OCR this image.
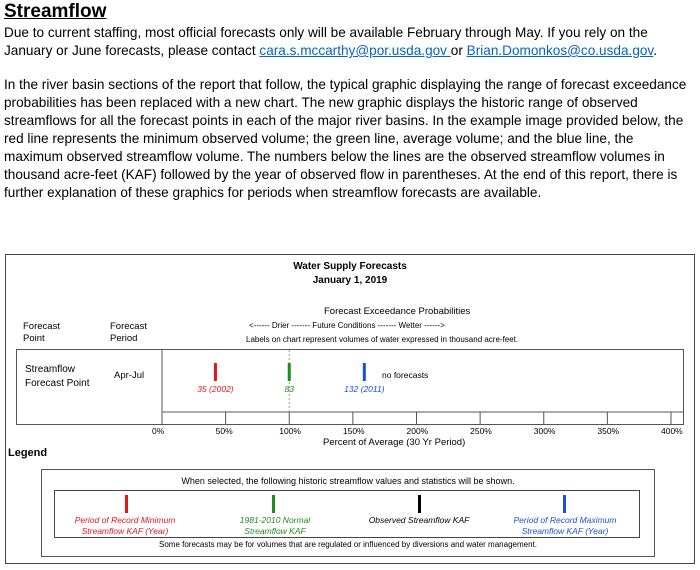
Streamflow

Due to current staffing, most official forecasts only will be available February through May. If you rely on the January or June forecasts, please contact cara.s.mccarthy@por.usda.gov or Brian.Domonkos@co.usda.gov.

In the river basin sections of the report that follow, the typical graphic displaying the range of forecast exceedance probabilities has been replaced with a new chart. The new graphic displays the historic range of observed streamflows for all the forecast points in each of the major river basins. In the example image provided below, the red line represents the minimum observed volume; the green line, average volume; and the blue line, the maximum observed streamflow volume. The numbers below the lines are the observed streamflow volumes in thousand acre-feet (KAF) followed by the year of observed flow in parentheses. At the end of this report, there is further explanation of these graphics for periods when streamflow forecasts are available.

Water Supply Forecasts
January 1, 2019
Forecast
Point
Forecast
Period
Forecast Exceedance Probabilities
<------ Drier ------- Future Conditions ------- Wetter ------>
Labels on chart represent volumes of water expressed in thousand acre-feet.
Streamflow
Forecast Point
Apr-Jul	no forecasts
35 (2002)	83	132 (2011)
0%	50%	100%	150%	200%	250%	300%	350%	400%
Percent of Average (30 Yr Period)
Legend
When selected, the following historic streamflow values and statistics will be shown.
Period of Record Minimum
Streamflow KAF (Year)
1981-2010 Normal
Streamflow KAF
Observed Streamflow KAF	Period of Record Maximum
Streamflow KAF (Year)
Some forecasts may be for volumes that are regulated or influenced by diversions and water management.
